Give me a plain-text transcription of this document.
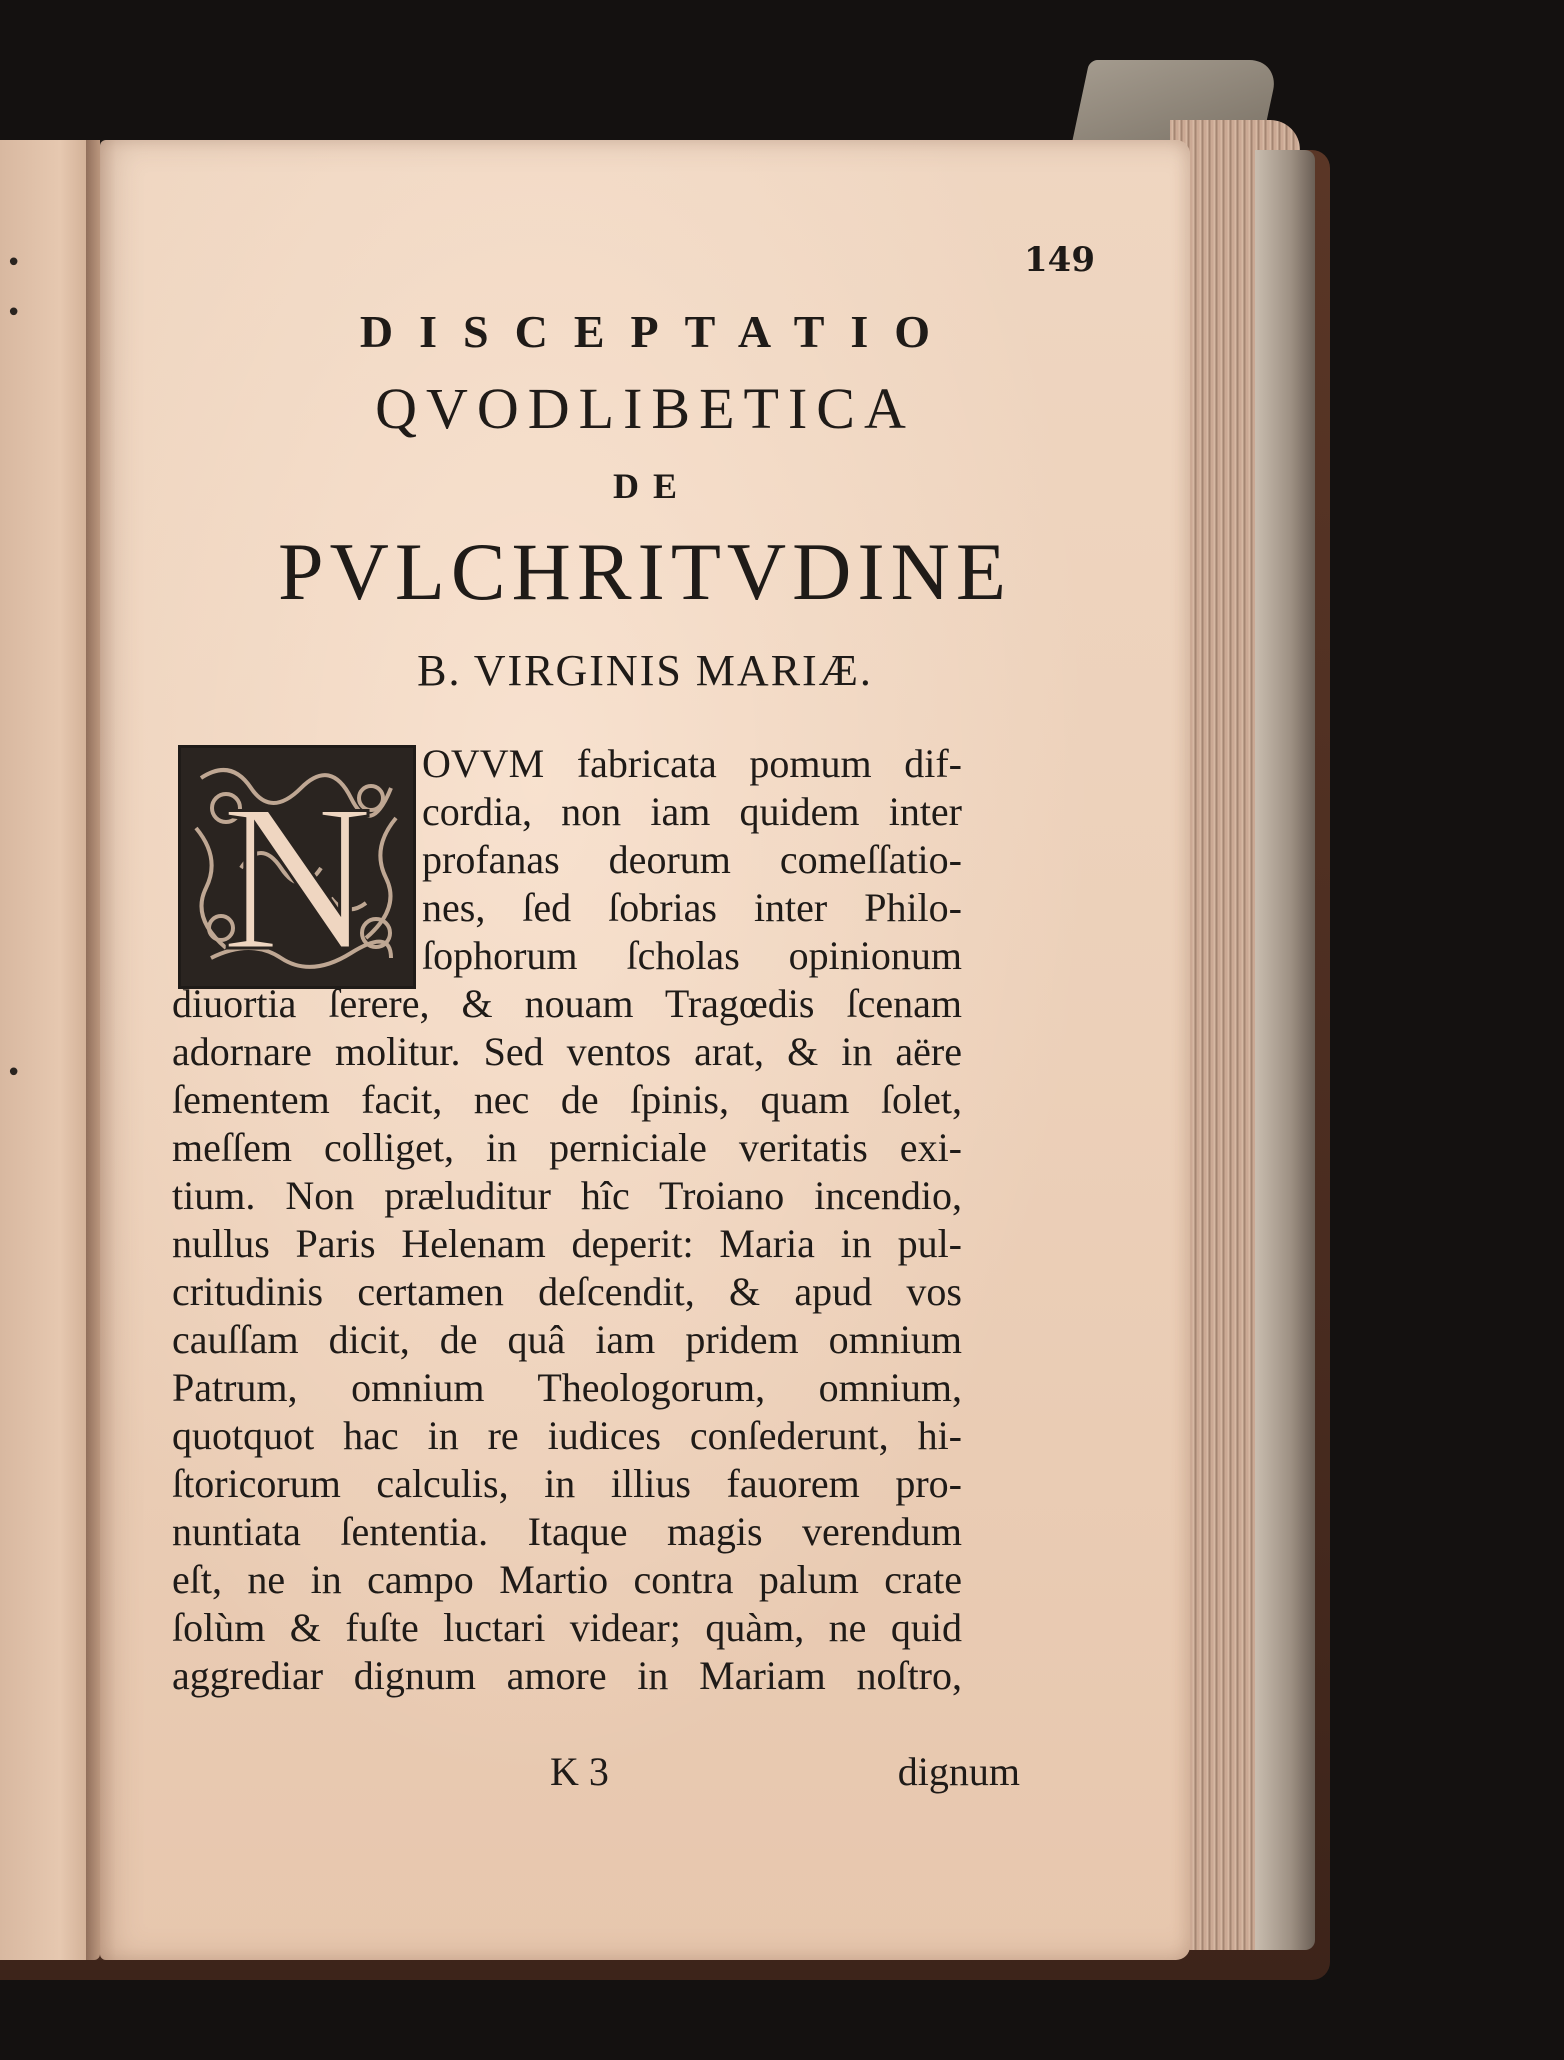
•
•
•
149
DISCEPTATIO
QVODLIBETICA
DE
PVLCHRITVDINE
B. VIRGINIS MARIÆ.
N OVVM fabricata pomum dif-
cordia, non iam quidem inter
profanas deorum comeſſatio-
nes, ſed ſobrias inter Philo-
ſophorum ſcholas opinionum
diuortia ſerere, & nouam Tragœdis ſcenam
adornare molitur. Sed ventos arat, & in aëre
ſementem facit, nec de ſpinis, quam ſolet,
meſſem colliget, in perniciale veritatis exi-
tium. Non præluditur hîc Troiano incendio,
nullus Paris Helenam deperit: Maria in pul-
critudinis certamen deſcendit, & apud vos
cauſſam dicit, de quâ iam pridem omnium
Patrum, omnium Theologorum, omnium,
quotquot hac in re iudices conſederunt, hi-
ſtoricorum calculis, in illius fauorem pro-
nuntiata ſententia. Itaque magis verendum
eſt, ne in campo Martio contra palum crate
ſolùm & fuſte luctari videar; quàm, ne quid
aggrediar dignum amore in Mariam noſtro,
K 3	dignum
